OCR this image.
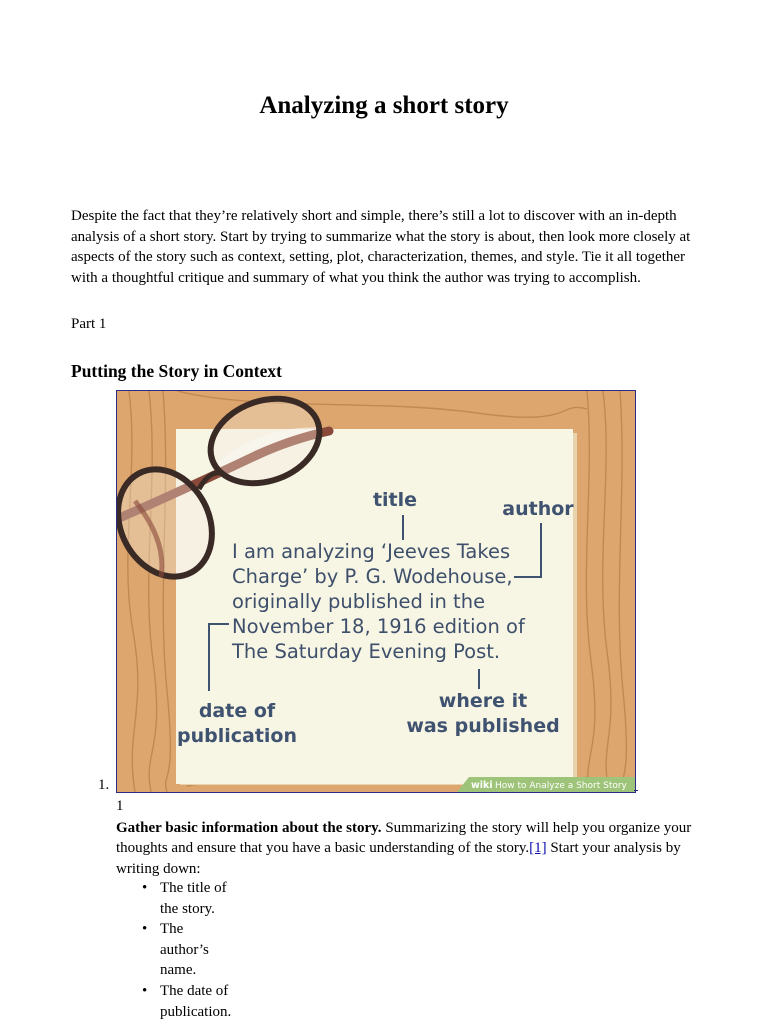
Analyzing a short story

Despite the fact that they’re relatively short and simple, there’s still a lot to discover with an in-depth analysis of a short story. Start by trying to summarize what the story is about, then look more closely at aspects of the story such as context, setting, plot, characterization, themes, and style. Tie it all together with a thoughtful critique and summary of what you think the author was trying to accomplish.

Part 1

Putting the Story in Context
1.
title	author
I am analyzing ‘Jeeves Takes
Charge’ by P. G. Wodehouse,
originally published in the
November 18, 1916 edition of
The Saturday Evening Post.
date of
publication
where it
was published
wiki How to Analyze a Short Story
1
Gather basic information about the story. Summarizing the story will help you organize your thoughts and ensure that you have a basic understanding of the story.[1] Start your analysis by writing down:
• The title of the story.
• The author’s name.
• The date of publication.
